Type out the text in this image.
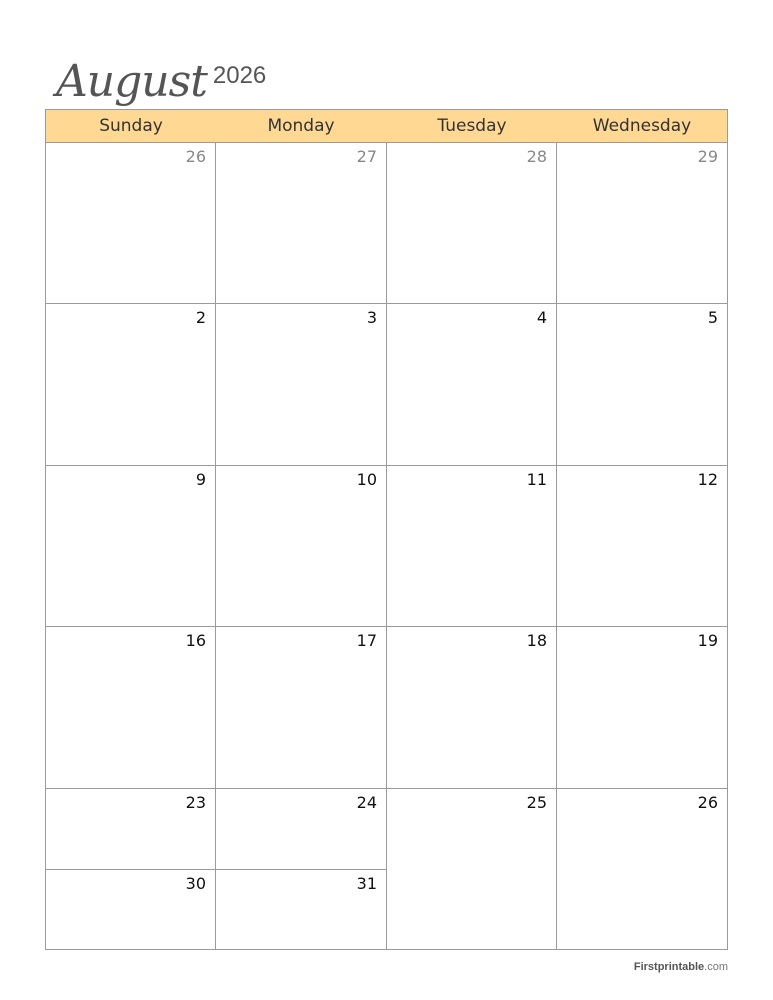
August 2026
Sunday	Monday	Tuesday	Wednesday
26	27	28	29
2	3	4	5
9	10	11	12
16	17	18	19
23	24	25	26
30	31
Firstprintable.com
